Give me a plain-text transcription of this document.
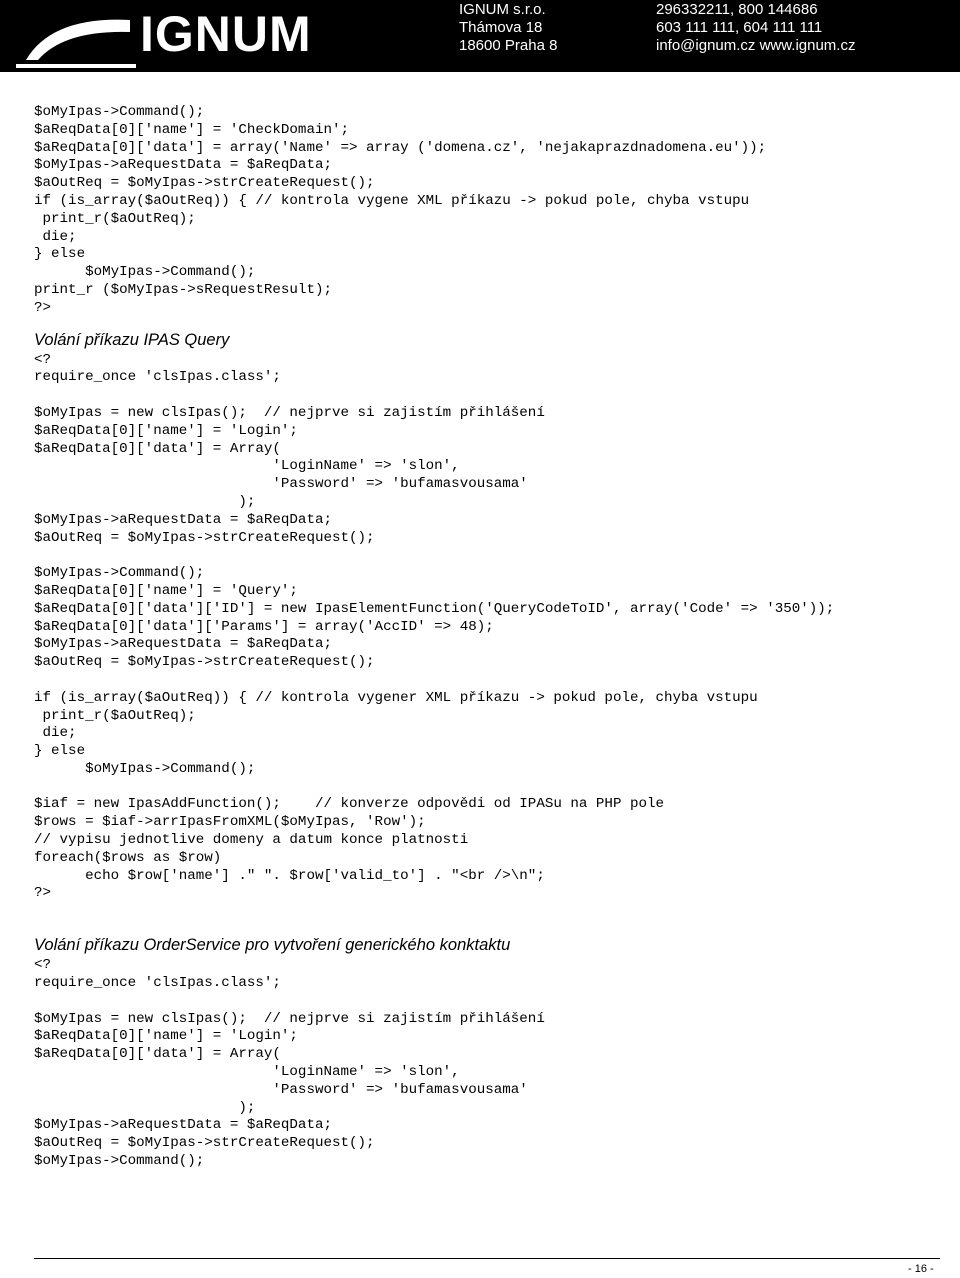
IGNUM	IGNUM s.r.o.
Thámova 18
18600 Praha 8
296332211, 800 144686
603 111 111, 604 111 111
info@ignum.cz www.ignum.cz
$oMyIpas->Command();
$aReqData[0]['name'] = 'CheckDomain';
$aReqData[0]['data'] = array('Name' => array ('domena.cz', 'nejakaprazdnadomena.eu'));
$oMyIpas->aRequestData = $aReqData;
$aOutReq = $oMyIpas->strCreateRequest();
if (is_array($aOutReq)) { // kontrola vygene XML příkazu -> pokud pole, chyba vstupu
print_r($aOutReq);
die;
} else
$oMyIpas->Command();
print_r ($oMyIpas->sRequestResult);
?>

Volání příkazu IPAS Query

<?
require_once 'clsIpas.class';
$oMyIpas = new clsIpas();  // nejprve si zajistím přihlášení
$aReqData[0]['name'] = 'Login';
$aReqData[0]['data'] = Array(
'LoginName' => 'slon',
'Password' => 'bufamasvousama'
);
$oMyIpas->aRequestData = $aReqData;
$aOutReq = $oMyIpas->strCreateRequest();
$oMyIpas->Command();
$aReqData[0]['name'] = 'Query';
$aReqData[0]['data']['ID'] = new IpasElementFunction('QueryCodeToID', array('Code' => '350'));
$aReqData[0]['data']['Params'] = array('AccID' => 48);
$oMyIpas->aRequestData = $aReqData;
$aOutReq = $oMyIpas->strCreateRequest();
if (is_array($aOutReq)) { // kontrola vygener XML příkazu -> pokud pole, chyba vstupu
print_r($aOutReq);
die;
} else
$oMyIpas->Command();
$iaf = new IpasAddFunction();    // konverze odpovědi od IPASu na PHP pole
$rows = $iaf->arrIpasFromXML($oMyIpas, 'Row');
// vypisu jednotlive domeny a datum konce platnosti
foreach($rows as $row)
echo $row['name'] ." ". $row['valid_to'] . "<br />\n";
?>

Volání příkazu OrderService pro vytvoření generického konktaktu

<?
require_once 'clsIpas.class';
$oMyIpas = new clsIpas();  // nejprve si zajistím přihlášení
$aReqData[0]['name'] = 'Login';
$aReqData[0]['data'] = Array(
'LoginName' => 'slon',
'Password' => 'bufamasvousama'
);
$oMyIpas->aRequestData = $aReqData;
$aOutReq = $oMyIpas->strCreateRequest();
$oMyIpas->Command();
- 16 -
